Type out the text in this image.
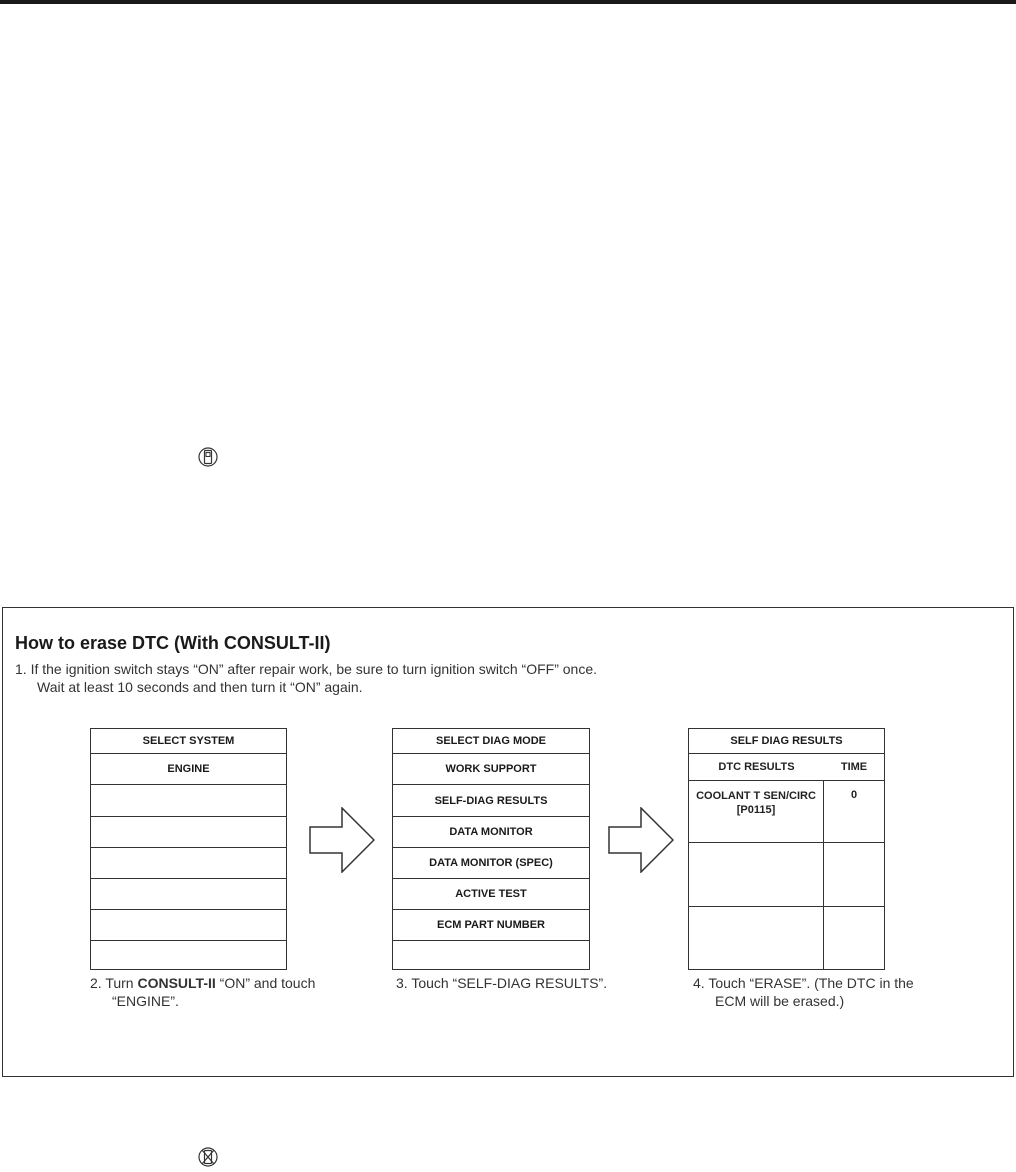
How to erase DTC (With CONSULT-II)
1. If the ignition switch stays “ON” after repair work, be sure to turn ignition switch “OFF” once.
Wait at least 10 seconds and then turn it “ON” again.
SELECT SYSTEM
ENGINE
SELECT DIAG MODE
WORK SUPPORT
SELF-DIAG RESULTS
DATA MONITOR
DATA MONITOR (SPEC)
ACTIVE TEST
ECM PART NUMBER
SELF DIAG RESULTS
DTC RESULTS	TIME
COOLANT T SEN/CIRC
[P0115]
0
2. Turn CONSULT-II “ON” and touch
“ENGINE”.
3. Touch “SELF-DIAG RESULTS”.	4. Touch “ERASE”. (The DTC in the
ECM will be erased.)
